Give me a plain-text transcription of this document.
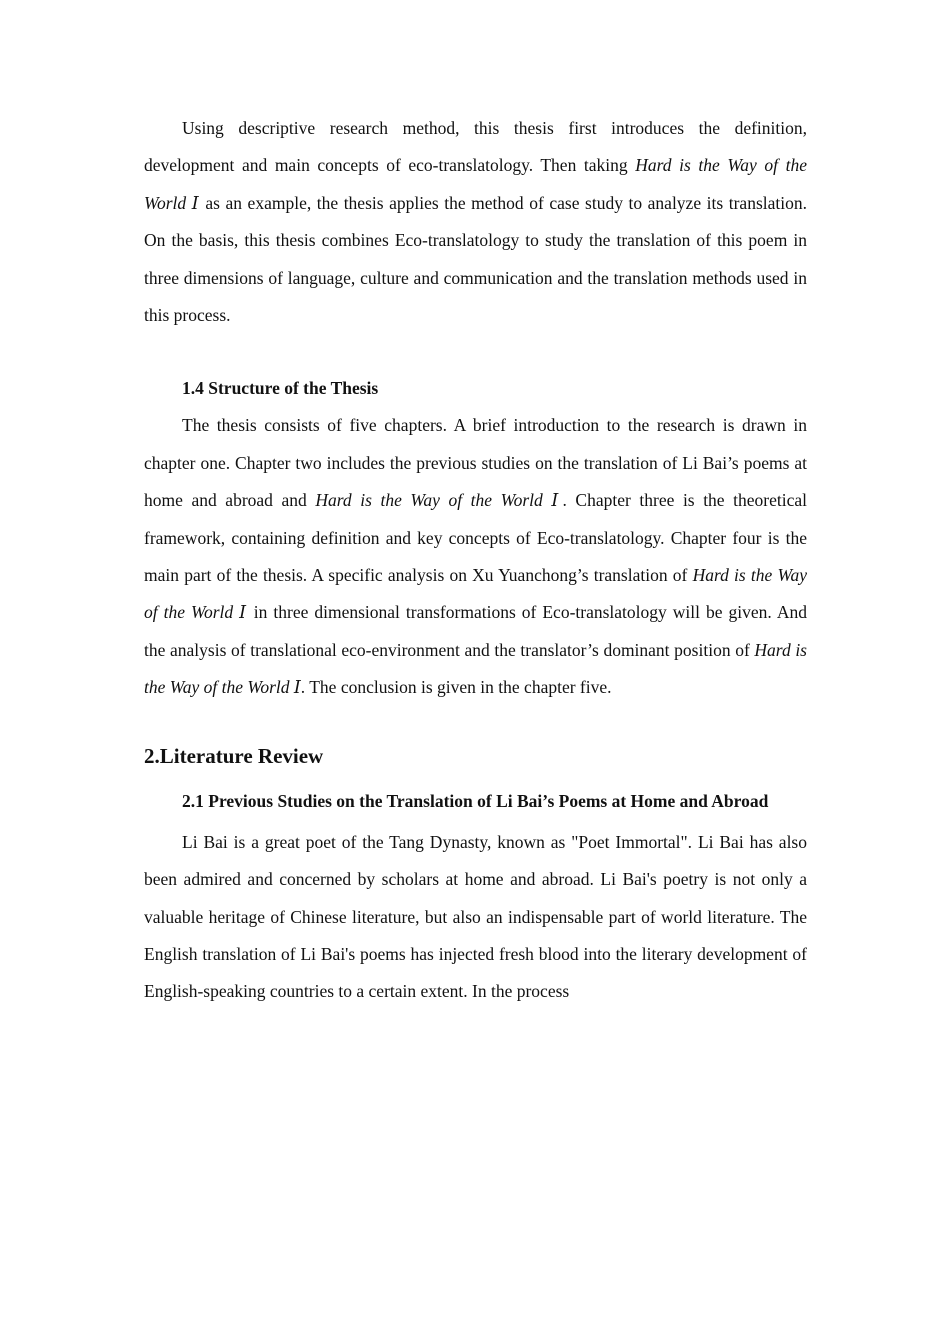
Using descriptive research method, this thesis first introduces the definition, development and main concepts of eco-translatology. Then taking Hard is the Way of the World Ⅰ as an example, the thesis applies the method of case study to analyze its translation. On the basis, this thesis combines Eco-translatology to study the translation of this poem in three dimensions of language, culture and communication and the translation methods used in this process.

1.4 Structure of the Thesis

The thesis consists of five chapters. A brief introduction to the research is drawn in chapter one. Chapter two includes the previous studies on the translation of Li Bai’s poems at home and abroad and Hard is the Way of the World Ⅰ. Chapter three is the theoretical framework, containing definition and key concepts of Eco-translatology. Chapter four is the main part of the thesis. A specific analysis on Xu Yuanchong’s translation of Hard is the Way of the World Ⅰ in three dimensional transformations of Eco-translatology will be given. And the analysis of translational eco-environment and the translator’s dominant position of Hard is the Way of the World Ⅰ. The conclusion is given in the chapter five.

2.Literature Review

2.1 Previous Studies on the Translation of Li Bai’s Poems at Home and Abroad

Li Bai is a great poet of the Tang Dynasty, known as "Poet Immortal". Li Bai has also been admired and concerned by scholars at home and abroad. Li Bai's poetry is not only a valuable heritage of Chinese literature, but also an indispensable part of world literature. The English translation of Li Bai's poems has injected fresh blood into the literary development of English-speaking countries to a certain extent. In the process
